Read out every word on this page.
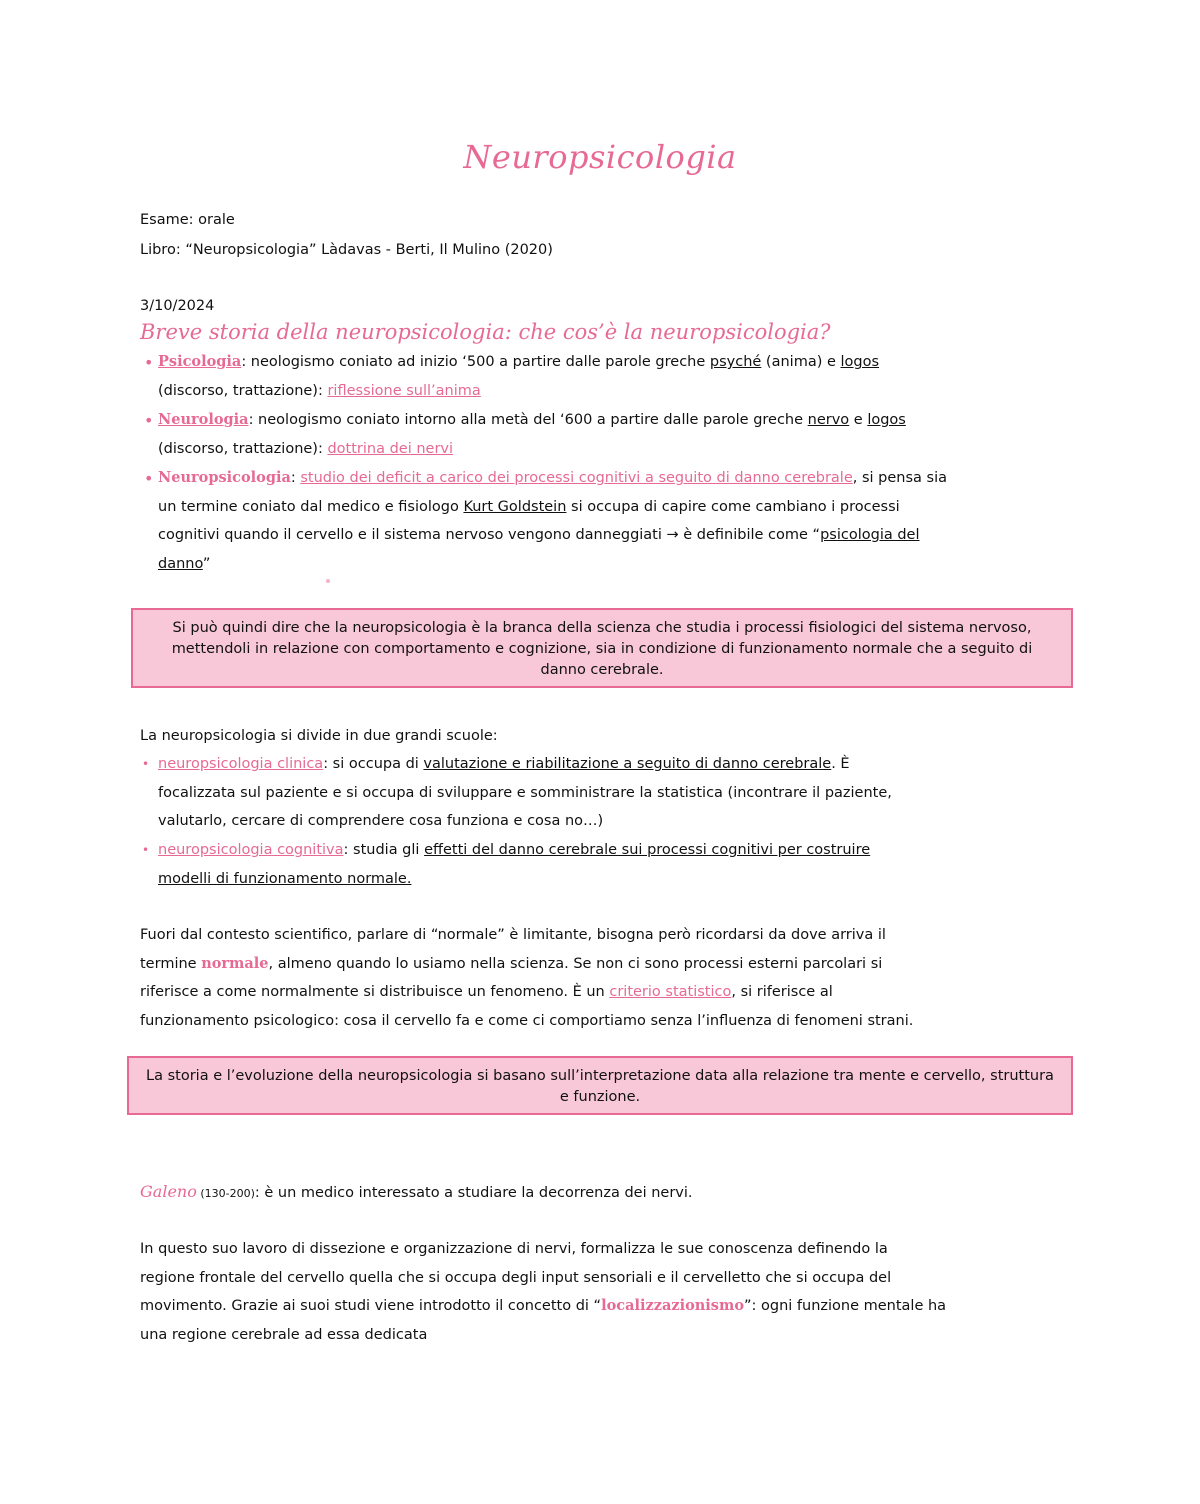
Neuropsicologia
Esame: orale
Libro: “Neuropsicologia” Làdavas - Berti, Il Mulino (2020)
3/10/2024
Breve storia della neuropsicologia: che cos’è la neuropsicologia?
• Psicologia: neologismo coniato ad inizio ‘500 a partire dalle parole greche psyché (anima) e logos
(discorso, trattazione): riflessione sull’anima
• Neurologia: neologismo coniato intorno alla metà del ‘600 a partire dalle parole greche nervo e logos
(discorso, trattazione): dottrina dei nervi
• Neuropsicologia: studio dei deficit a carico dei processi cognitivi a seguito di danno cerebrale, si pensa sia
un termine coniato dal medico e fisiologo Kurt Goldstein si occupa di capire come cambiano i processi
cognitivi quando il cervello e il sistema nervoso vengono danneggiati → è definibile come “psicologia del
danno”
Si può quindi dire che la neuropsicologia è la branca della scienza che studia i processi fisiologici del sistema nervoso, mettendoli in relazione con comportamento e cognizione, sia in condizione di funzionamento normale che a seguito di danno cerebrale.
La neuropsicologia si divide in due grandi scuole:
• neuropsicologia clinica: si occupa di valutazione e riabilitazione a seguito di danno cerebrale. È
focalizzata sul paziente e si occupa di sviluppare e somministrare la statistica (incontrare il paziente,
valutarlo, cercare di comprendere cosa funziona e cosa no…)
• neuropsicologia cognitiva: studia gli effetti del danno cerebrale sui processi cognitivi per costruire
modelli di funzionamento normale.
Fuori dal contesto scientifico, parlare di “normale” è limitante, bisogna però ricordarsi da dove arriva il
termine normale, almeno quando lo usiamo nella scienza. Se non ci sono processi esterni parcolari si
riferisce a come normalmente si distribuisce un fenomeno. È un criterio statistico, si riferisce al
funzionamento psicologico: cosa il cervello fa e come ci comportiamo senza l’influenza di fenomeni strani.
La storia e l’evoluzione della neuropsicologia si basano sull’interpretazione data alla relazione tra mente e cervello, struttura e funzione.
Galeno (130-200): è un medico interessato a studiare la decorrenza dei nervi.
In questo suo lavoro di dissezione e organizzazione di nervi, formalizza le sue conoscenza definendo la
regione frontale del cervello quella che si occupa degli input sensoriali e il cervelletto che si occupa del
movimento. Grazie ai suoi studi viene introdotto il concetto di “localizzazionismo”: ogni funzione mentale ha
una regione cerebrale ad essa dedicata
